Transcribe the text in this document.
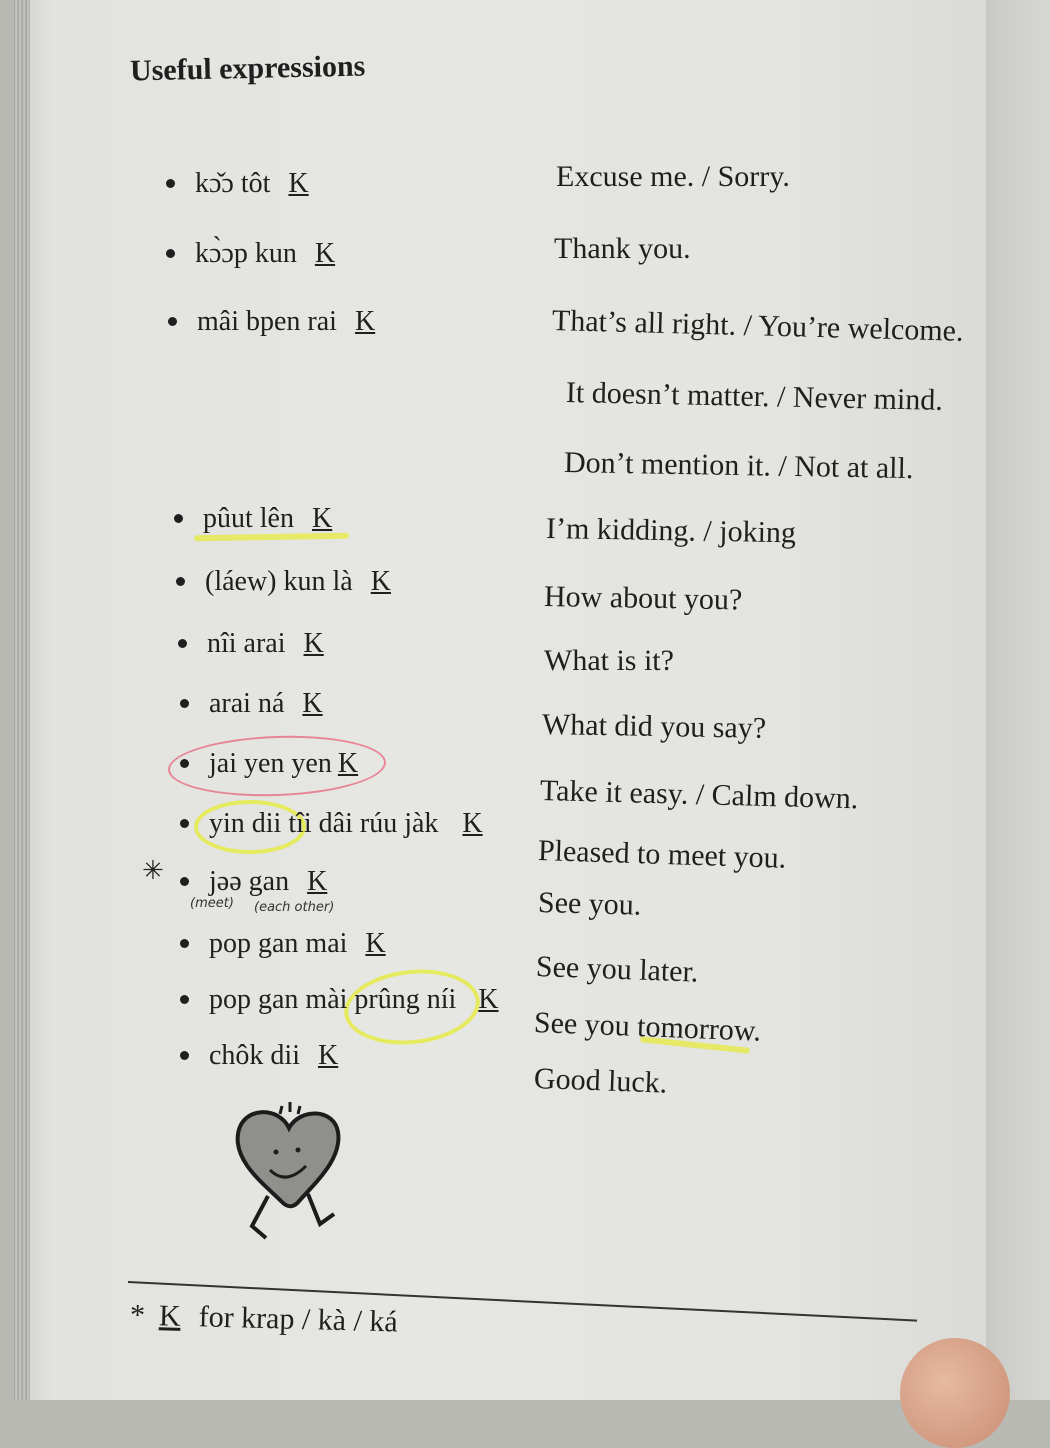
Useful expressions
✳
kɔ̌ɔ tôt K
kɔ̀ɔp kun K
mâi bpen rai K
pûut lên K
(láew) kun là K
nîi arai K
arai ná K
jai yen yen K
yin dii tîi dâi rúu jàk K
jəə gan K
(meet) (each other)
pop gan mai K
pop gan mài prûng níi K
chôk dii K
Excuse me. / Sorry.
Thank you.
That’s all right. / You’re welcome.
It doesn’t matter. / Never mind.
Don’t mention it. / Not at all.
I’m kidding. / joking
How about you?
What is it?
What did you say?
Take it easy. / Calm down.
Pleased to meet you.
See you.
See you later.
See you tomorrow.
Good luck.
* K for krap / kà / ká
